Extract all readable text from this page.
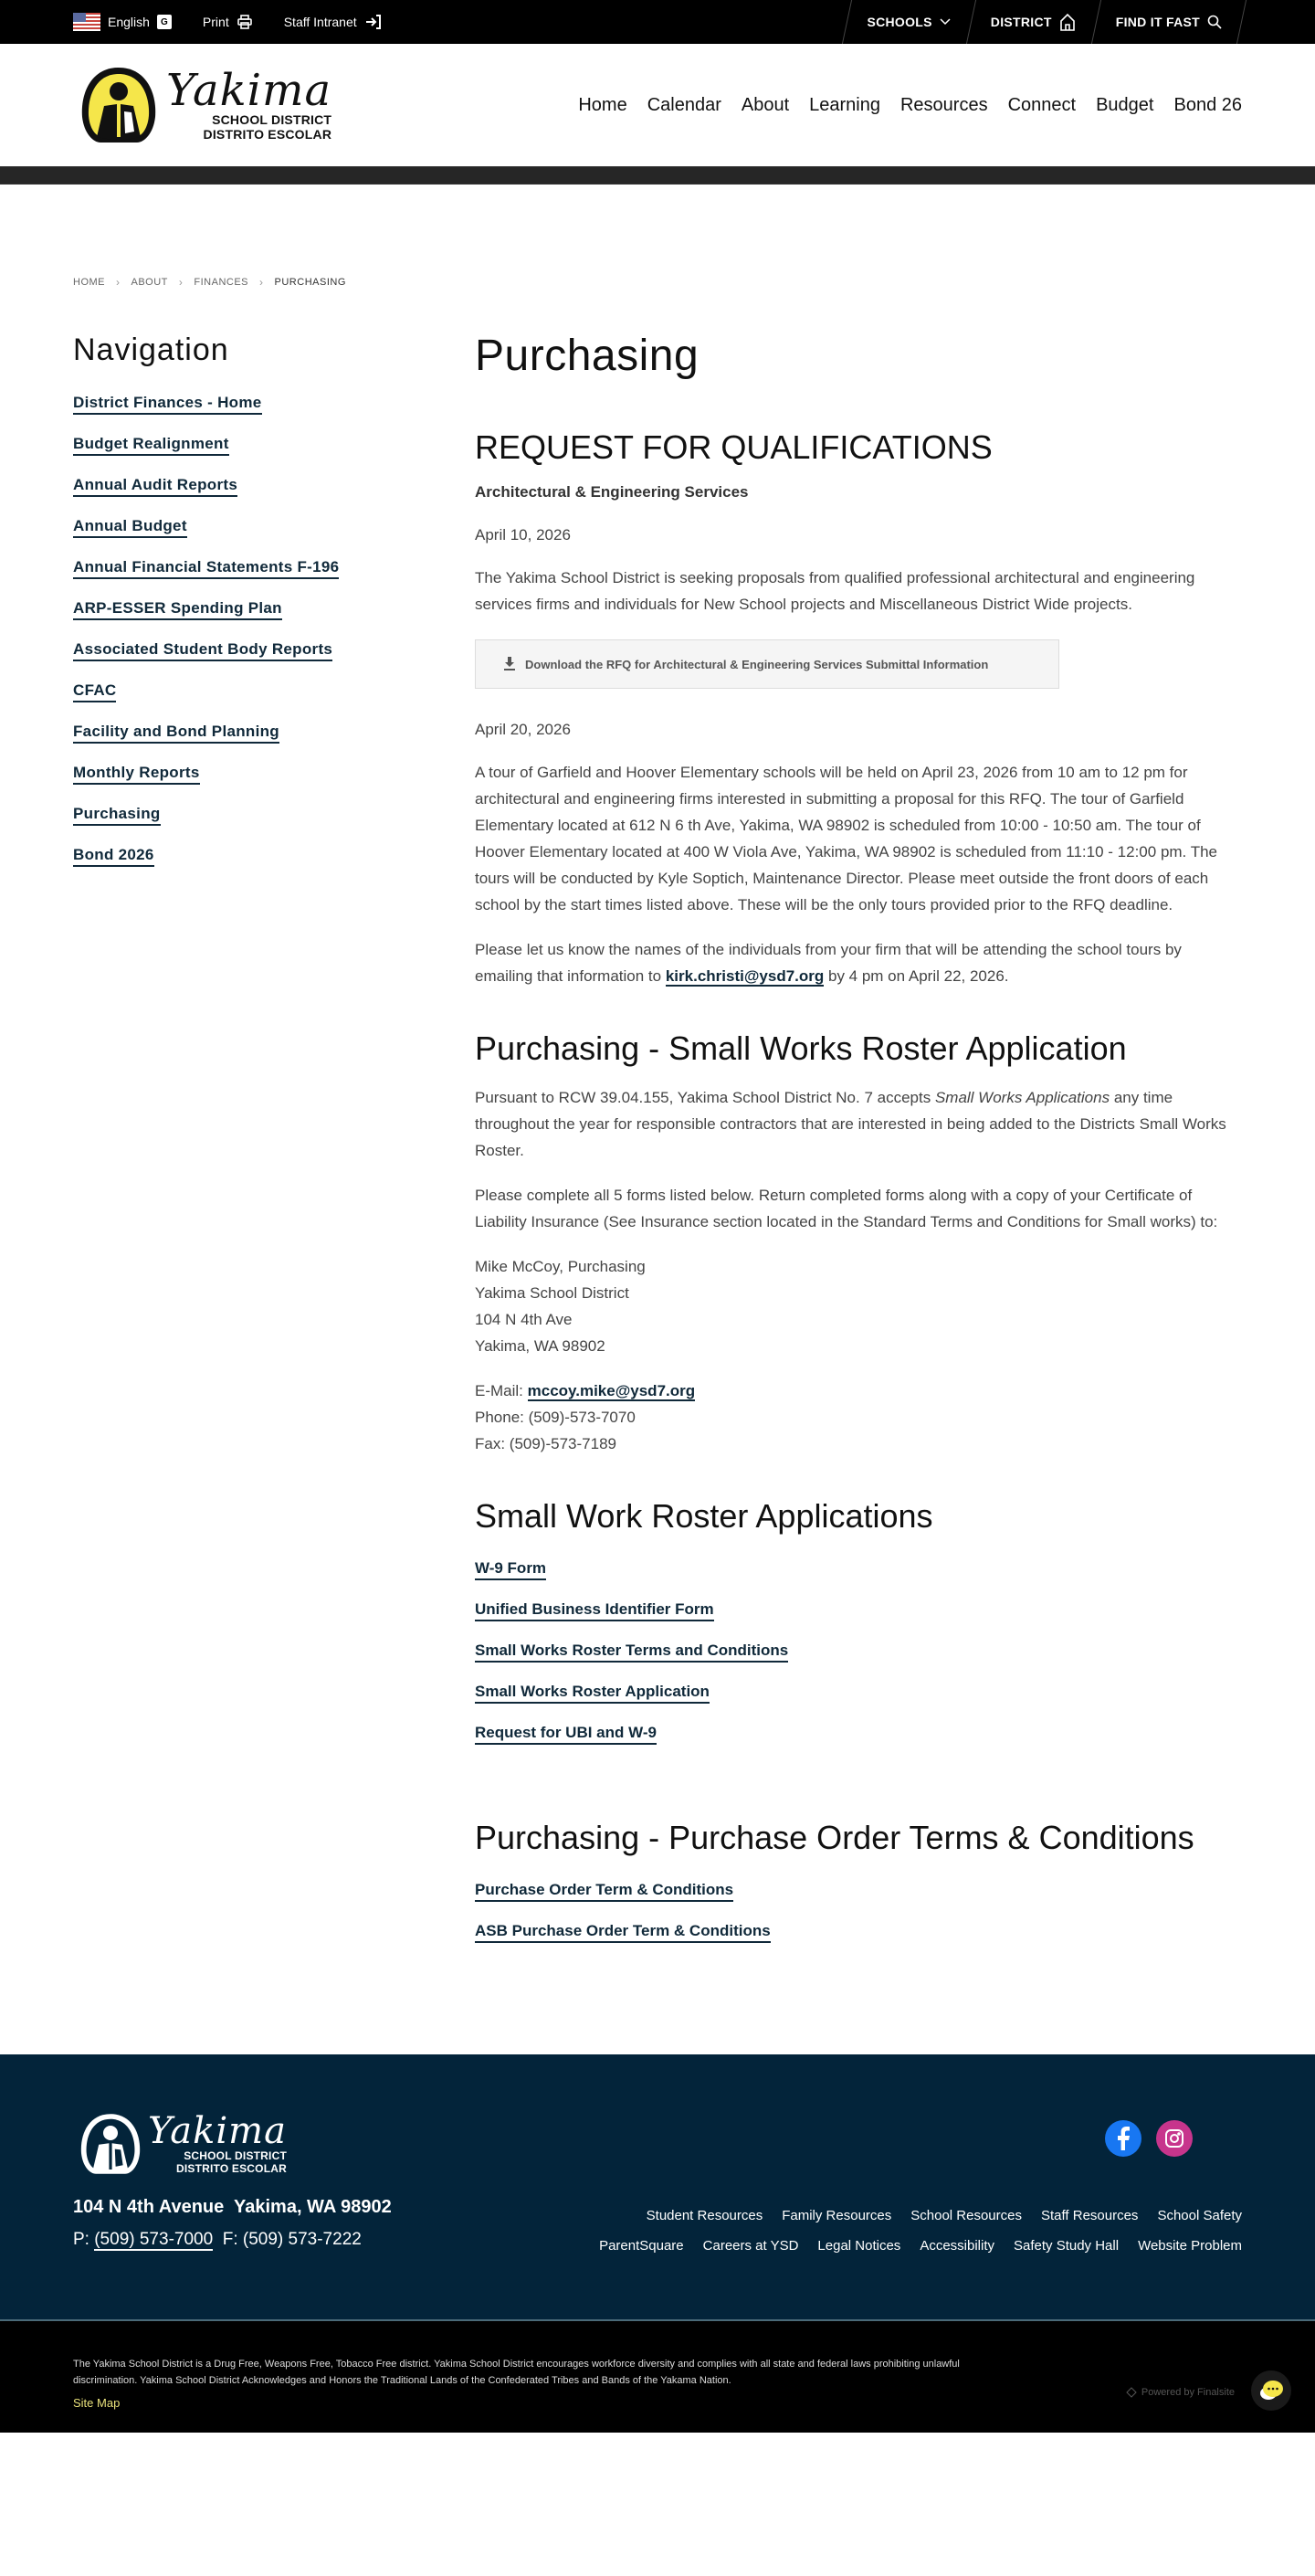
English	G	Print	Staff Intranet	SCHOOLS	DISTRICT	FIND IT FAST
Yakima
SCHOOL DISTRICT
DISTRITO ESCOLAR
Home Calendar About Learning Resources Connect Budget Bond 26
HOME › ABOUT › FINANCES › PURCHASING
Navigation
District Finances - Home
Budget Realignment
Annual Audit Reports
Annual Budget
Annual Financial Statements F-196
ARP-ESSER Spending Plan
Associated Student Body Reports
CFAC
Facility and Bond Planning
Monthly Reports
Purchasing
Bond 2026
Purchasing
REQUEST FOR QUALIFICATIONS
Architectural & Engineering Services

April 10, 2026

The Yakima School District is seeking proposals from qualified professional architectural and engineering services firms and individuals for New School projects and Miscellaneous District Wide projects.

Download the RFQ for Architectural & Engineering Services Submittal Information

April 20, 2026

A tour of Garfield and Hoover Elementary schools will be held on April 23, 2026 from 10 am to 12 pm for architectural and engineering firms interested in submitting a proposal for this RFQ. The tour of Garfield Elementary located at 612 N 6 th Ave, Yakima, WA 98902 is scheduled from 10:00 - 10:50 am. The tour of Hoover Elementary located at 400 W Viola Ave, Yakima, WA 98902 is scheduled from 11:10 - 12:00 pm. The tours will be conducted by Kyle Soptich, Maintenance Director. Please meet outside the front doors of each school by the start times listed above. These will be the only tours provided prior to the RFQ deadline.

Please let us know the names of the individuals from your firm that will be attending the school tours by emailing that information to kirk.christi@ysd7.org by 4 pm on April 22, 2026.

Purchasing - Small Works Roster Application

Pursuant to RCW 39.04.155, Yakima School District No. 7 accepts Small Works Applications any time throughout the year for responsible contractors that are interested in being added to the Districts Small Works Roster.

Please complete all 5 forms listed below. Return completed forms along with a copy of your Certificate of Liability Insurance (See Insurance section located in the Standard Terms and Conditions for Small works) to:

Mike McCoy, Purchasing

Yakima School District

104 N 4th Ave

Yakima, WA 98902

E-Mail: mccoy.mike@ysd7.org

Phone: (509)-573-7070

Fax: (509)-573-7189

Small Work Roster Applications
W-9 Form
Unified Business Identifier Form
Small Works Roster Terms and Conditions
Small Works Roster Application
Request for UBI and W-9
Purchasing - Purchase Order Terms & Conditions
Purchase Order Term & Conditions
ASB Purchase Order Term & Conditions
Yakima
SCHOOL DISTRICT
DISTRITO ESCOLAR
104 N 4th Avenue  Yakima, WA 98902
P: (509) 573-7000  F: (509) 573-7222
Student Resources Family Resources School Resources Staff Resources School Safety
ParentSquare Careers at YSD Legal Notices Accessibility Safety Study Hall Website Problem

The Yakima School District is a Drug Free, Weapons Free, Tobacco Free district. Yakima School District encourages workforce diversity and complies with all state and federal laws prohibiting unlawful discrimination. Yakima School District Acknowledges and Honors the Traditional Lands of the Confederated Tribes and Bands of the Yakama Nation.

Site Map
Powered by Finalsite
